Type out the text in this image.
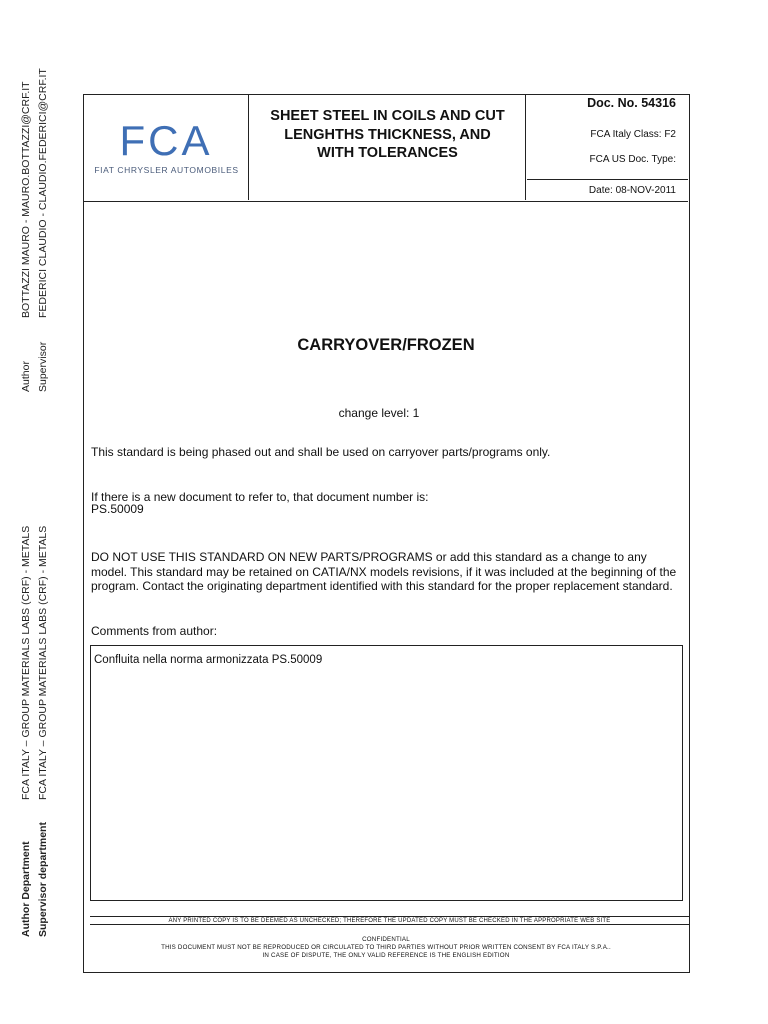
Author
BOTTAZZI MAURO - MAURO.BOTTAZZI@CRF.IT
Supervisor
FEDERICI CLAUDIO - CLAUDIO.FEDERICI@CRF.IT
Author Department
FCA ITALY – GROUP MATERIALS LABS (CRF) - METALS
Supervisor department
FCA ITALY – GROUP MATERIALS LABS (CRF) - METALS
FCA
FIAT CHRYSLER AUTOMOBILES
SHEET STEEL IN COILS AND CUT
LENGHTHS THICKNESS, AND
WITH TOLERANCES
Doc. No. 54316
FCA Italy Class: F2
FCA US Doc. Type:
Date: 08-NOV-2011
CARRYOVER/FROZEN
change level: 1
This standard is being phased out and shall be used on carryover parts/programs only.
If there is a new document to refer to, that document number is:
PS.50009
DO NOT USE THIS STANDARD ON NEW PARTS/PROGRAMS or add this standard as a change to any model. This standard may be retained on CATIA/NX models revisions, if it was included at the beginning of the program. Contact the originating department identified with this standard for the proper replacement standard.
Comments from author:
Confluita nella norma armonizzata PS.50009
ANY PRINTED COPY IS TO BE DEEMED AS UNCHECKED; THEREFORE THE UPDATED COPY MUST BE CHECKED IN THE APPROPRIATE WEB SITE
CONFIDENTIAL
THIS DOCUMENT MUST NOT BE REPRODUCED OR CIRCULATED TO THIRD PARTIES WITHOUT PRIOR WRITTEN CONSENT BY FCA ITALY S.P.A..
IN CASE OF DISPUTE, THE ONLY VALID REFERENCE IS THE ENGLISH EDITION
